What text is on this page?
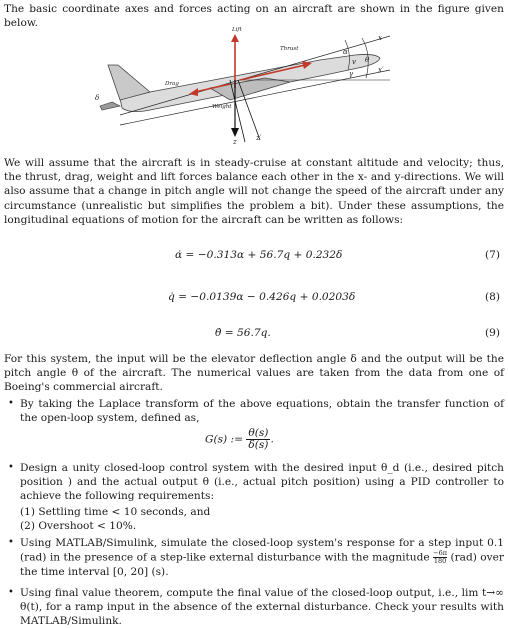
The basic coordinate axes and forces acting on an aircraft are shown in the figure given below.
Lift
Thrust
Drag
Weight
δ
α
θ
γ
v
x
x′
z	z′
We will assume that the aircraft is in steady-cruise at constant altitude and velocity; thus, the thrust, drag, weight and lift forces balance each other in the x- and y-directions. We will also assume that a change in pitch angle will not change the speed of the aircraft under any circumstance (unrealistic but simplifies the problem a bit). Under these assumptions, the longitudinal equations of motion for the aircraft can be written as follows:
α̇ = −0.313α + 56.7q + 0.232δ	(7)
q̇ = −0.0139α − 0.426q + 0.0203δ	(8)
θ̇ = 56.7q.	(9)
For this system, the input will be the elevator deflection angle δ and the output will be the pitch angle θ of the aircraft. The numerical values are taken from the data from one of Boeing's commercial aircraft.
• By taking the Laplace transform of the above equations, obtain the transfer function of the open-loop system, defined as,
G(s) := $\frac{\theta(s)}{\delta(s)}$ .
• Design a unity closed-loop control system with the desired input θ_d (i.e., desired pitch position ) and the actual output θ (i.e., actual pitch position) using a PID controller to achieve the following requirements:
(1) Settling time < 10 seconds, and
(2) Overshoot < 10%.
• Using MATLAB/Simulink, simulate the closed-loop system's response for a step input 0.1 (rad) in the presence of a step-like external disturbance with the magnitude $\frac{-6\pi}{180} (rad)$ over the time interval [0, 20] (s).
• Using final value theorem, compute the final value of the closed-loop output, i.e., lim t→∞ θ(t), for a ramp input in the absence of the external disturbance. Check your results with MATLAB/Simulink.
